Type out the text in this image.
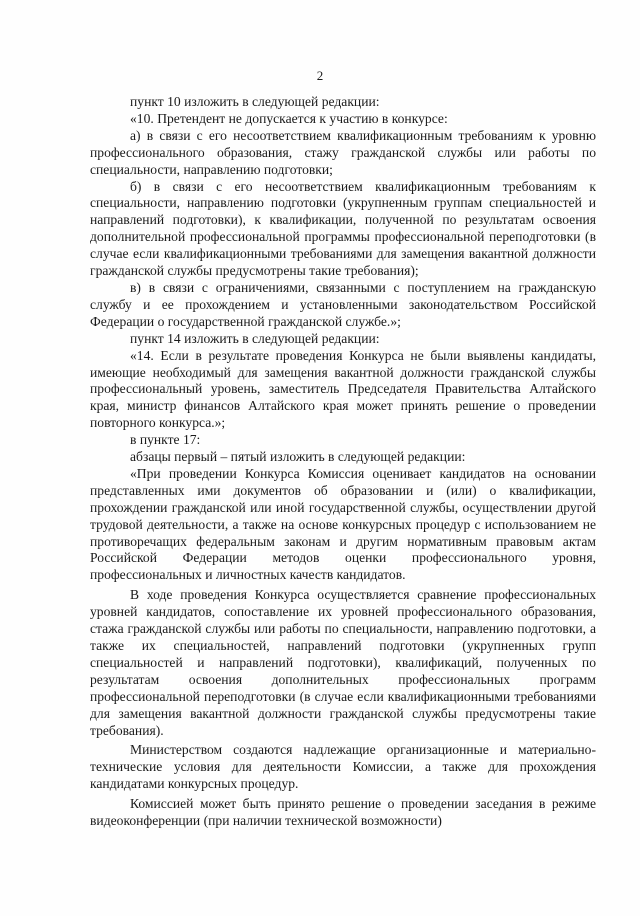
2

пункт 10 изложить в следующей редакции:

«10. Претендент не допускается к участию в конкурсе:

а) в связи с его несоответствием квалификационным требованиям к уровню профессионального образования, стажу гражданской службы или работы по специальности, направлению подготовки;

б) в связи с его несоответствием квалификационным требованиям к специальности, направлению подготовки (укрупненным группам специальностей и направлений подготовки), к квалификации, полученной по результатам освоения дополнительной профессиональной программы профессиональной переподготовки (в случае если квалификационными требованиями для замещения вакантной должности гражданской службы предусмотрены такие требования);

в) в связи с ограничениями, связанными с поступлением на гражданскую службу и ее прохождением и установленными законодательством Российской Федерации о государственной гражданской службе.»;

пункт 14 изложить в следующей редакции:

«14. Если в результате проведения Конкурса не были выявлены кандидаты, имеющие необходимый для замещения вакантной должности гражданской службы профессиональный уровень, заместитель Председателя Правительства Алтайского края, министр финансов Алтайского края может принять решение о проведении повторного конкурса.»;

в пункте 17:

абзацы первый – пятый изложить в следующей редакции:

«При проведении Конкурса Комиссия оценивает кандидатов на основании представленных ими документов об образовании и (или) о квалификации, прохождении гражданской или иной государственной службы, осуществлении другой трудовой деятельности, а также на основе конкурсных процедур с использованием не противоречащих федеральным законам и другим нормативным правовым актам Российской Федерации методов оценки профессионального уровня, профессиональных и личностных качеств кандидатов.

В ходе проведения Конкурса осуществляется сравнение профессиональных уровней кандидатов, сопоставление их уровней профессионального образования, стажа гражданской службы или работы по специальности, направлению подготовки, а также их специальностей, направлений подготовки (укрупненных групп специальностей и направлений подготовки), квалификаций, полученных по результатам освоения дополнительных профессиональных программ профессиональной переподготовки (в случае если квалификационными требованиями для замещения вакантной должности гражданской службы предусмотрены такие требования).

Министерством создаются надлежащие организационные и материально-технические условия для деятельности Комиссии, а также для прохождения кандидатами конкурсных процедур.

Комиссией может быть принято решение о проведении заседания в режиме видеоконференции (при наличии технической возможности)
